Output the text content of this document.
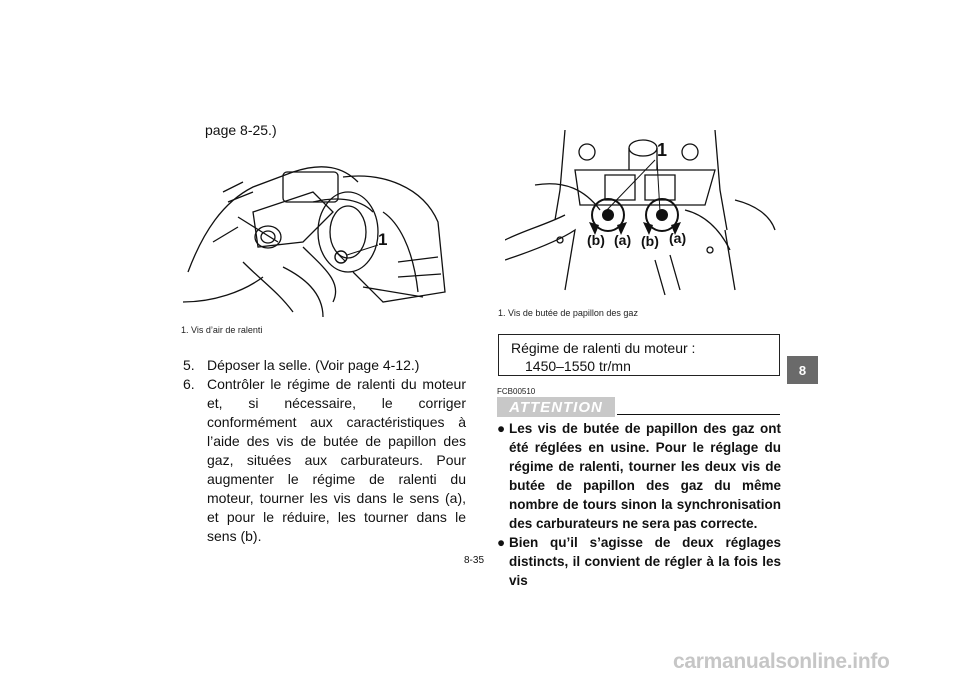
page 8-25.)
1
1. Vis d’air de ralenti
1
(b) (a) (b) (a)
1. Vis de butée de papillon des gaz
5. Déposer la selle. (Voir page 4-12.)
6. Contrôler le régime de ralenti du moteur et, si nécessaire, le corriger conformément aux caractéristiques à l’aide des vis de butée de papillon des gaz, situées aux carburateurs. Pour augmenter le régime de ralenti du moteur, tourner les vis dans le sens (a), et pour le réduire, les tourner dans le sens (b).
Régime de ralenti du moteur :
1450–1550 tr/mn
FCB00510
ATTENTION
● Les vis de butée de papillon des gaz ont été réglées en usine. Pour le réglage du régime de ralenti, tourner les deux vis de butée de papillon des gaz du même nombre de tours sinon la synchronisation des carburateurs ne sera pas correcte.
● Bien qu’il s’agisse de deux réglages distincts, il convient de régler à la fois les vis
8
8-35
carmanualsonline.info
